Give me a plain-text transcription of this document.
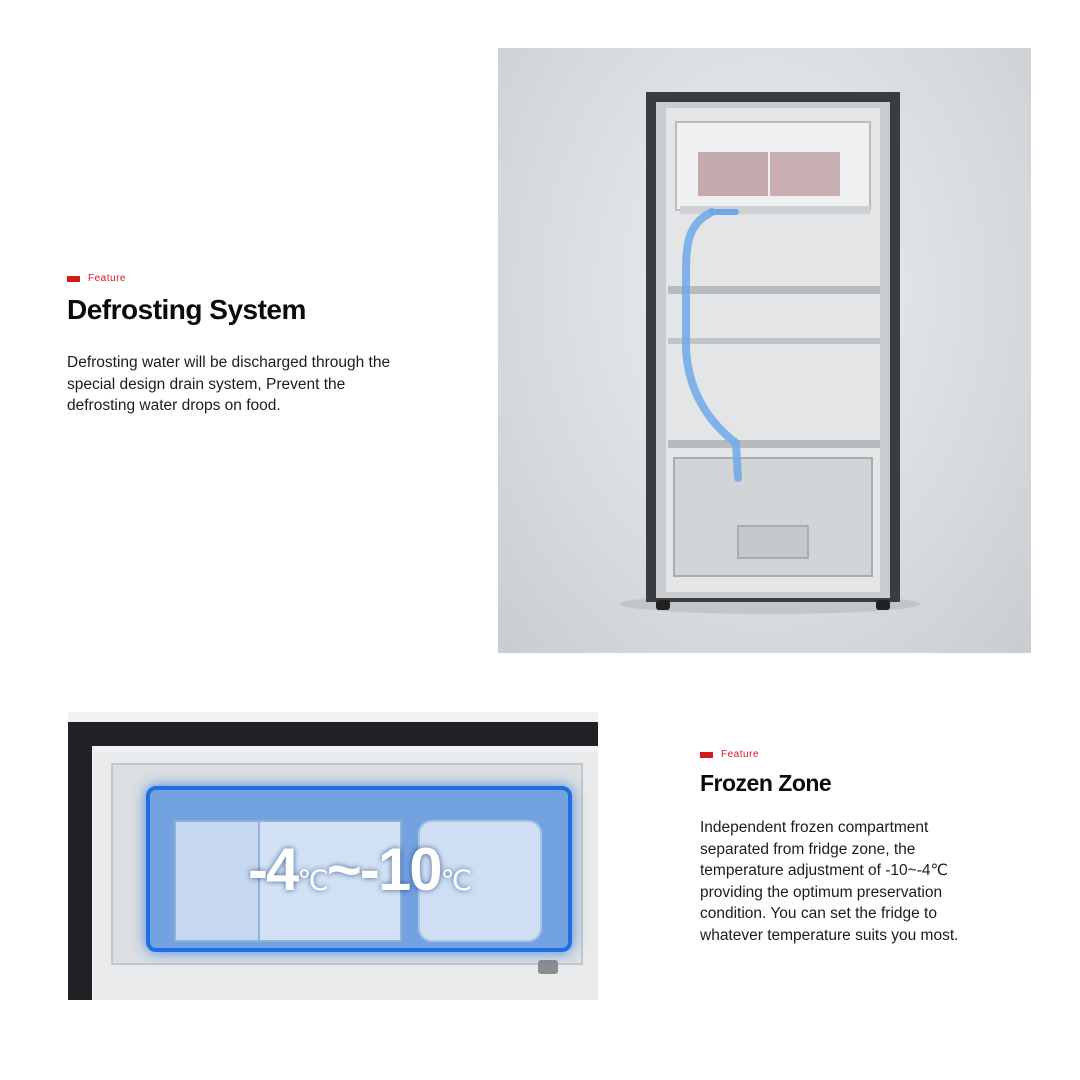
Feature
Defrosting System
Defrosting water will be discharged through the special design drain system, Prevent the defrosting water drops on food.
-4℃~-10℃
Feature
Frozen Zone
Independent frozen compartment separated from fridge zone, the temperature adjustment of -10~-4℃ providing the optimum preservation condition. You can set the fridge to whatever temperature suits you most.
